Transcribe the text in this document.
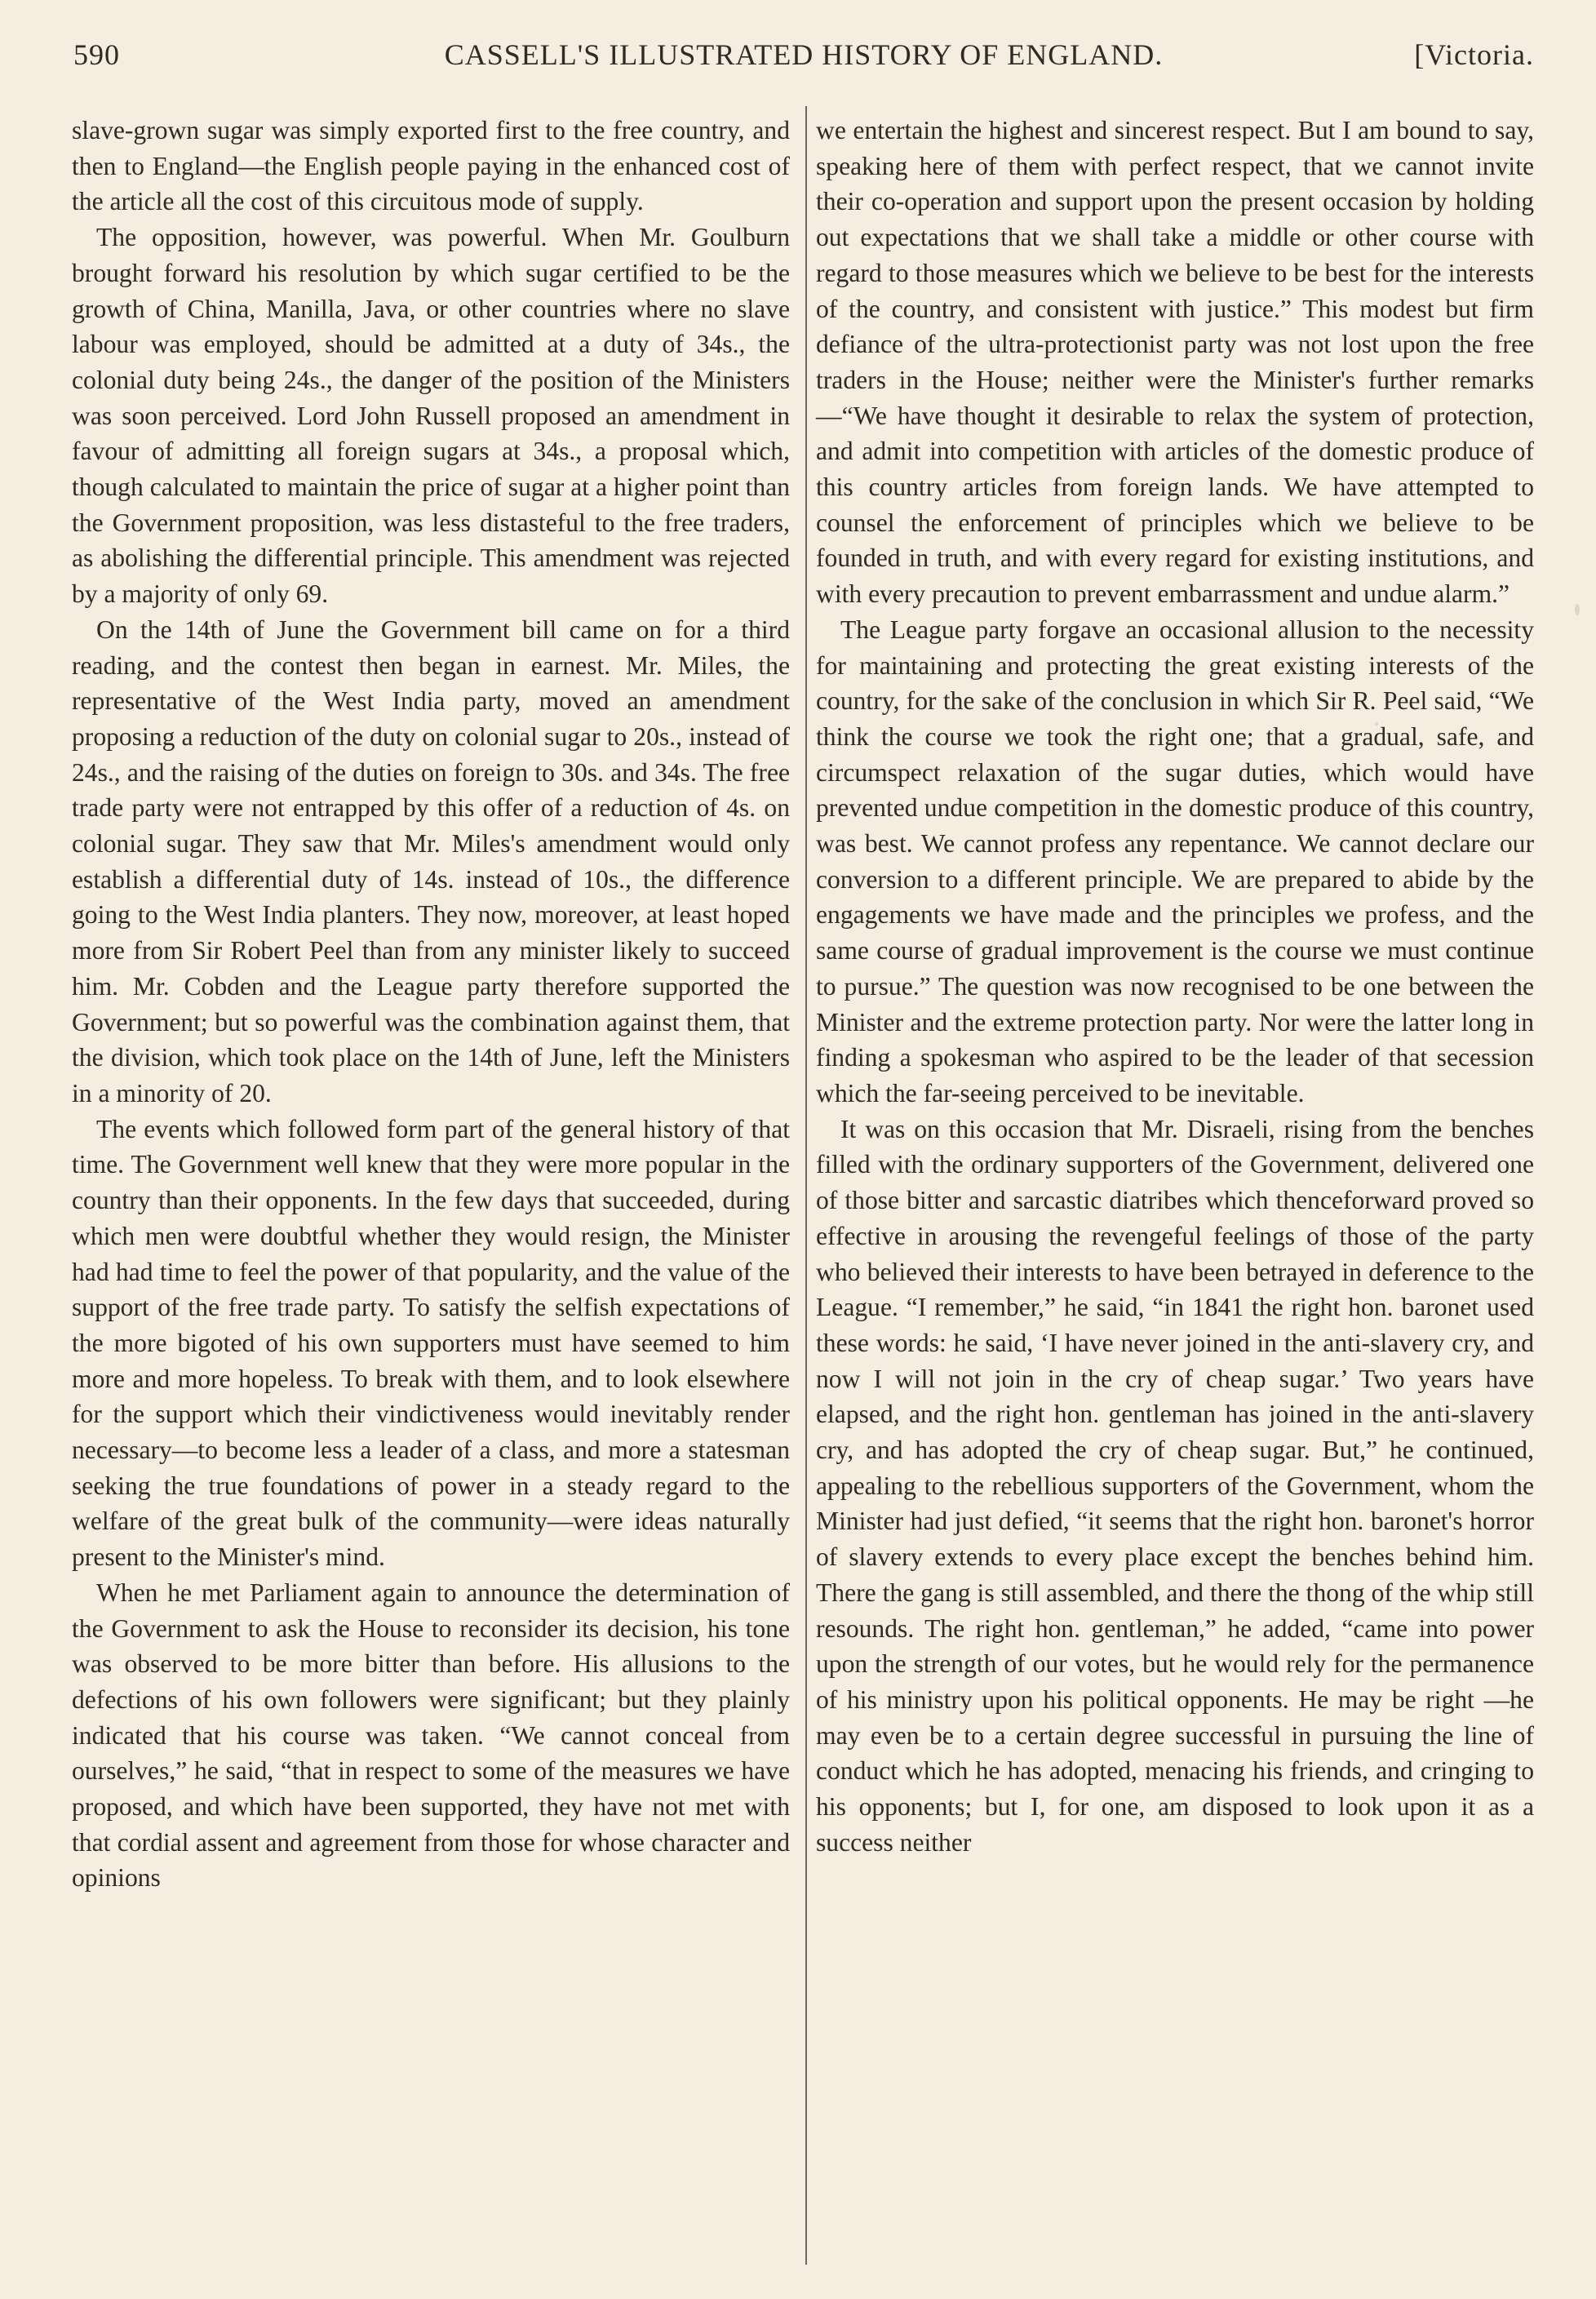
590	CASSELL'S ILLUSTRATED HISTORY OF ENGLAND.	[Victoria.

slave-grown sugar was simply exported first to the free country, and then to England—the English people paying in the enhanced cost of the article all the cost of this circuitous mode of supply.

The opposition, however, was powerful. When Mr. Goulburn brought forward his resolution by which sugar certified to be the growth of China, Manilla, Java, or other countries where no slave labour was employed, should be admitted at a duty of 34s., the colonial duty being 24s., the danger of the position of the Ministers was soon perceived. Lord John Russell proposed an amendment in favour of admitting all foreign sugars at 34s., a proposal which, though calculated to maintain the price of sugar at a higher point than the Government proposition, was less distasteful to the free traders, as abolishing the differential principle. This amendment was rejected by a majority of only 69.

On the 14th of June the Government bill came on for a third reading, and the contest then began in earnest. Mr. Miles, the representative of the West India party, moved an amendment proposing a reduction of the duty on colonial sugar to 20s., instead of 24s., and the raising of the duties on foreign to 30s. and 34s. The free trade party were not entrapped by this offer of a reduction of 4s. on colonial sugar. They saw that Mr. Miles's amendment would only establish a differential duty of 14s. instead of 10s., the difference going to the West India planters. They now, moreover, at least hoped more from Sir Robert Peel than from any minister likely to succeed him. Mr. Cobden and the League party therefore supported the Government; but so powerful was the combination against them, that the division, which took place on the 14th of June, left the Ministers in a minority of 20.

The events which followed form part of the general history of that time. The Government well knew that they were more popular in the country than their opponents. In the few days that succeeded, during which men were doubtful whether they would resign, the Minister had had time to feel the power of that popularity, and the value of the support of the free trade party. To satisfy the selfish expectations of the more bigoted of his own supporters must have seemed to him more and more hopeless. To break with them, and to look elsewhere for the support which their vindictiveness would inevitably render necessary—to become less a leader of a class, and more a statesman seeking the true foundations of power in a steady regard to the welfare of the great bulk of the community—were ideas naturally present to the Minister's mind.

When he met Parliament again to announce the determination of the Government to ask the House to reconsider its decision, his tone was observed to be more bitter than before. His allusions to the defections of his own followers were significant; but they plainly indicated that his course was taken. “We cannot conceal from ourselves,” he said, “that in respect to some of the measures we have proposed, and which have been supported, they have not met with that cordial assent and agreement from those for whose character and opinions

we entertain the highest and sincerest respect. But I am bound to say, speaking here of them with perfect respect, that we cannot invite their co-operation and support upon the present occasion by holding out expectations that we shall take a middle or other course with regard to those measures which we believe to be best for the interests of the country, and consistent with justice.” This modest but firm defiance of the ultra-protectionist party was not lost upon the free traders in the House; neither were the Minister's further remarks—“We have thought it desirable to relax the system of protection, and admit into competition with articles of the domestic produce of this country articles from foreign lands. We have attempted to counsel the enforcement of principles which we believe to be founded in truth, and with every regard for existing institutions, and with every precaution to prevent embarrassment and undue alarm.”

The League party forgave an occasional allusion to the necessity for maintaining and protecting the great existing interests of the country, for the sake of the conclusion in which Sir R. Peel said, “We think the course we took the right one; that a gradual, safe, and circumspect relaxation of the sugar duties, which would have prevented undue competition in the domestic produce of this country, was best. We cannot profess any repentance. We cannot declare our conversion to a different principle. We are prepared to abide by the engagements we have made and the principles we profess, and the same course of gradual improvement is the course we must continue to pursue.” The question was now recognised to be one between the Minister and the extreme protection party. Nor were the latter long in finding a spokesman who aspired to be the leader of that secession which the far-seeing perceived to be inevitable.

It was on this occasion that Mr. Disraeli, rising from the benches filled with the ordinary supporters of the Government, delivered one of those bitter and sarcastic diatribes which thenceforward proved so effective in arousing the revengeful feelings of those of the party who believed their interests to have been betrayed in deference to the League. “I remember,” he said, “in 1841 the right hon. baronet used these words: he said, ‘I have never joined in the anti-slavery cry, and now I will not join in the cry of cheap sugar.’ Two years have elapsed, and the right hon. gentleman has joined in the anti-slavery cry, and has adopted the cry of cheap sugar. But,” he continued, appealing to the rebellious supporters of the Government, whom the Minister had just defied, “it seems that the right hon. baronet's horror of slavery extends to every place except the benches behind him. There the gang is still assembled, and there the thong of the whip still resounds. The right hon. gentleman,” he added, “came into power upon the strength of our votes, but he would rely for the permanence of his ministry upon his political opponents. He may be right —he may even be to a certain degree successful in pursuing the line of conduct which he has adopted, menacing his friends, and cringing to his opponents; but I, for one, am disposed to look upon it as a success neither
